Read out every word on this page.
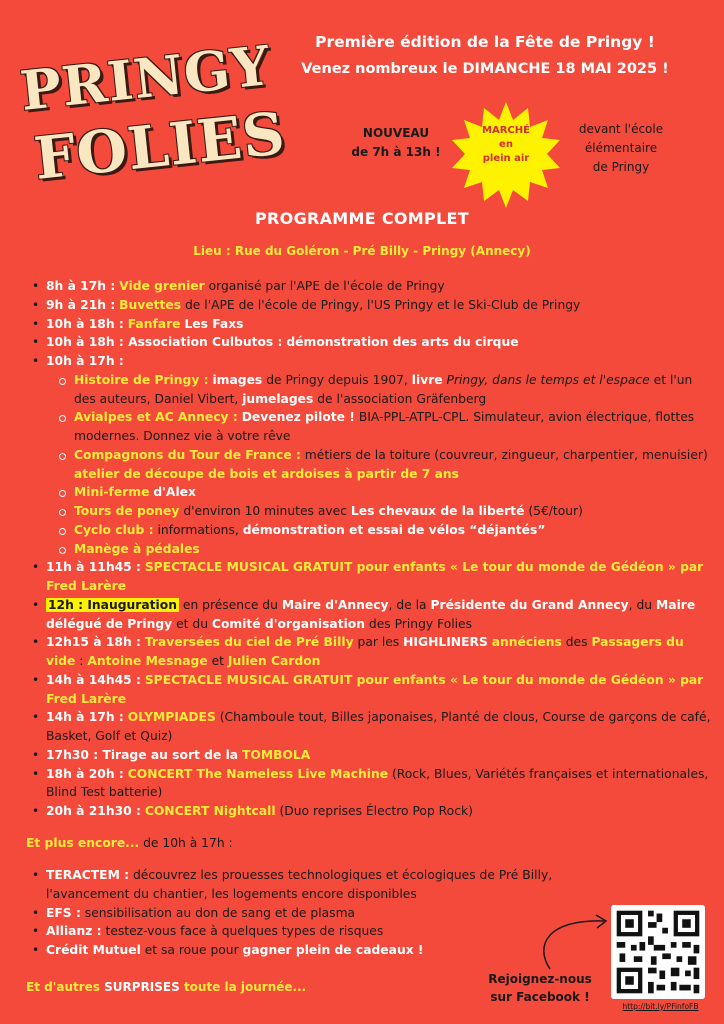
PRINGY
FOLIES
Première édition de la Fête de Pringy !
Venez nombreux le DIMANCHE 18 MAI 2025 !
NOUVEAU
de 7h à 13h !
MARCHÉ
en
plein air
devant l'école
élémentaire
de Pringy
PROGRAMME COMPLET
Lieu : Rue du Goléron - Pré Billy - Pringy (Annecy)
• 8h à 17h : Vide grenier organisé par l'APE de l'école de Pringy
• 9h à 21h : Buvettes de l'APE de l'école de Pringy, l'US Pringy et le Ski-Club de Pringy
• 10h à 18h : Fanfare Les Faxs
• 10h à 18h : Association Culbutos : démonstration des arts du cirque
• 10h à 17h :
Histoire de Pringy : images de Pringy depuis 1907, livre Pringy, dans le temps et l'espace et l'un des auteurs, Daniel Vibert, jumelages de l'association Gräfenberg
Avialpes et AC Annecy : Devenez pilote ! BIA-PPL-ATPL-CPL. Simulateur, avion électrique, flottes modernes. Donnez vie à votre rêve
Compagnons du Tour de France : métiers de la toiture (couvreur, zingueur, charpentier, menuisier) atelier de découpe de bois et ardoises à partir de 7 ans
Mini-ferme d'Alex
Tours de poney d'environ 10 minutes avec Les chevaux de la liberté (5€/tour)
Cyclo club : informations, démonstration et essai de vélos “déjantés”
Manège à pédales
• 11h à 11h45 : SPECTACLE MUSICAL GRATUIT pour enfants « Le tour du monde de Gédéon » par Fred Larère
• 12h : Inauguration en présence du Maire d'Annecy, de la Présidente du Grand Annecy, du Maire délégué de Pringy et du Comité d'organisation des Pringy Folies
• 12h15 à 18h : Traversées du ciel de Pré Billy par les HIGHLINERS annéciens des Passagers du vide : Antoine Mesnage et Julien Cardon
• 14h à 14h45 : SPECTACLE MUSICAL GRATUIT pour enfants « Le tour du monde de Gédéon » par Fred Larère
• 14h à 17h : OLYMPIADES (Chamboule tout, Billes japonaises, Planté de clous, Course de garçons de café, Basket, Golf et Quiz)
• 17h30 : Tirage au sort de la TOMBOLA
• 18h à 20h : CONCERT The Nameless Live Machine (Rock, Blues, Variétés françaises et internationales, Blind Test batterie)
• 20h à 21h30 : CONCERT Nightcall (Duo reprises Électro Pop Rock)
Et plus encore... de 10h à 17h :
• TERACTEM : découvrez les prouesses technologiques et écologiques de Pré Billy, l'avancement du chantier, les logements encore disponibles
• EFS : sensibilisation au don de sang et de plasma
• Allianz : testez-vous face à quelques types de risques
• Crédit Mutuel et sa roue pour gagner plein de cadeaux !
Et d'autres SURPRISES toute la journée...
Rejoignez-nous
sur Facebook !
http://bit.ly/PFinfoFB
